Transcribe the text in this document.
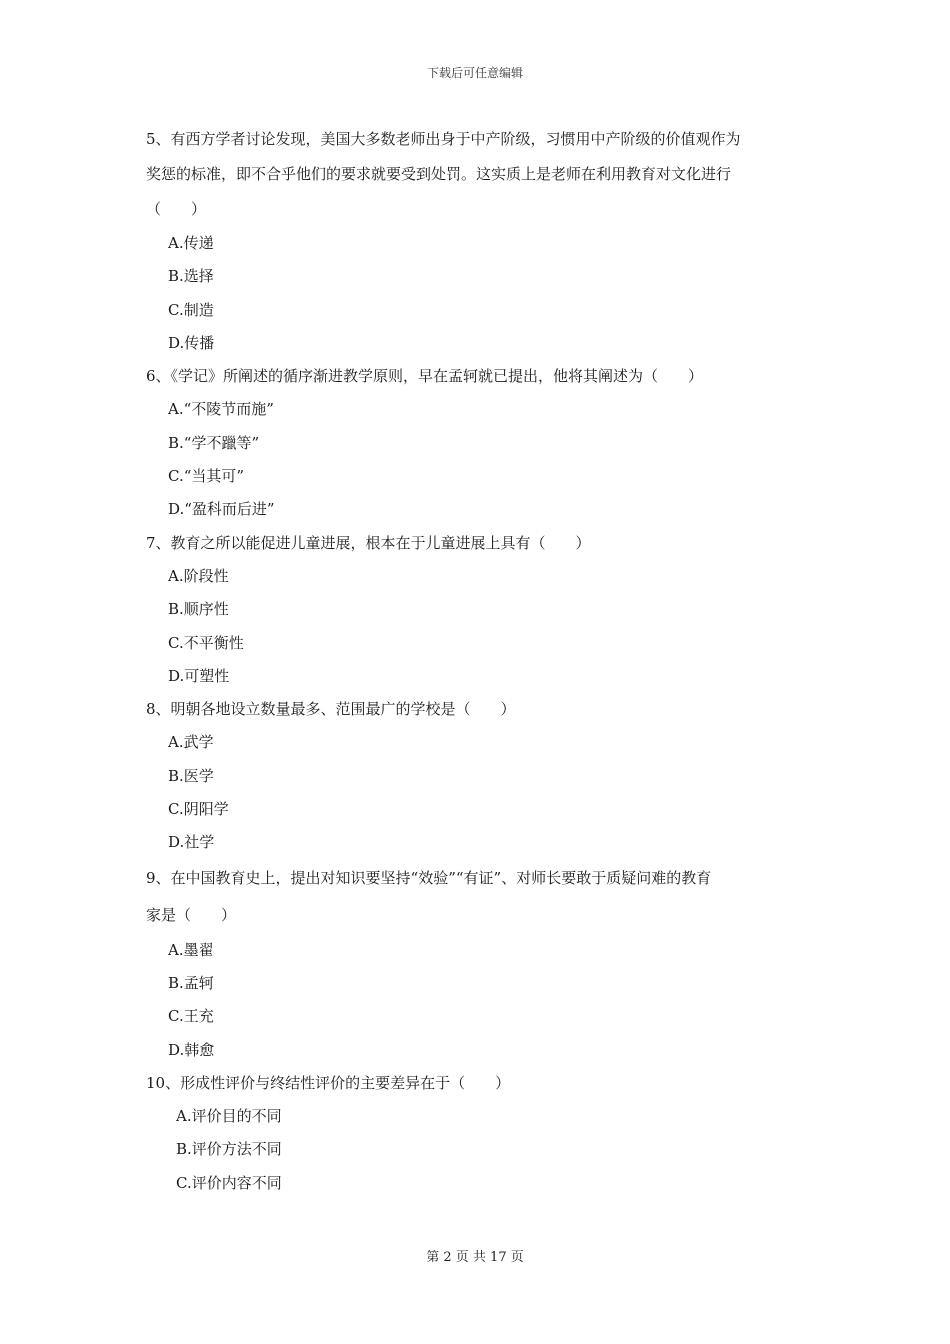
下载后可任意编辑
5、有西方学者讨论发现，美国大多数老师出身于中产阶级，习惯用中产阶级的价值观作为
奖惩的标准，即不合乎他们的要求就要受到处罚。这实质上是老师在利用教育对文化进行
（　　）
A.传递
B.选择
C.制造
D.传播
6、《学记》所阐述的循序渐进教学原则，早在孟轲就已提出，他将其阐述为（　　）
A.“不陵节而施”
B.“学不躐等”
C.“当其可”
D.“盈科而后进”
7、教育之所以能促进儿童进展，根本在于儿童进展上具有（　　）
A.阶段性
B.顺序性
C.不平衡性
D.可塑性
8、明朝各地设立数量最多、范围最广的学校是（　　）
A.武学
B.医学
C.阴阳学
D.社学
9、在中国教育史上，提出对知识要坚持“效验”“有证”、对师长要敢于质疑问难的教育
家是（　　）
A.墨翟
B.孟轲
C.王充
D.韩愈
10、形成性评价与终结性评价的主要差异在于（　　）
A.评价目的不同
B.评价方法不同
C.评价内容不同
第 2 页 共 17 页
